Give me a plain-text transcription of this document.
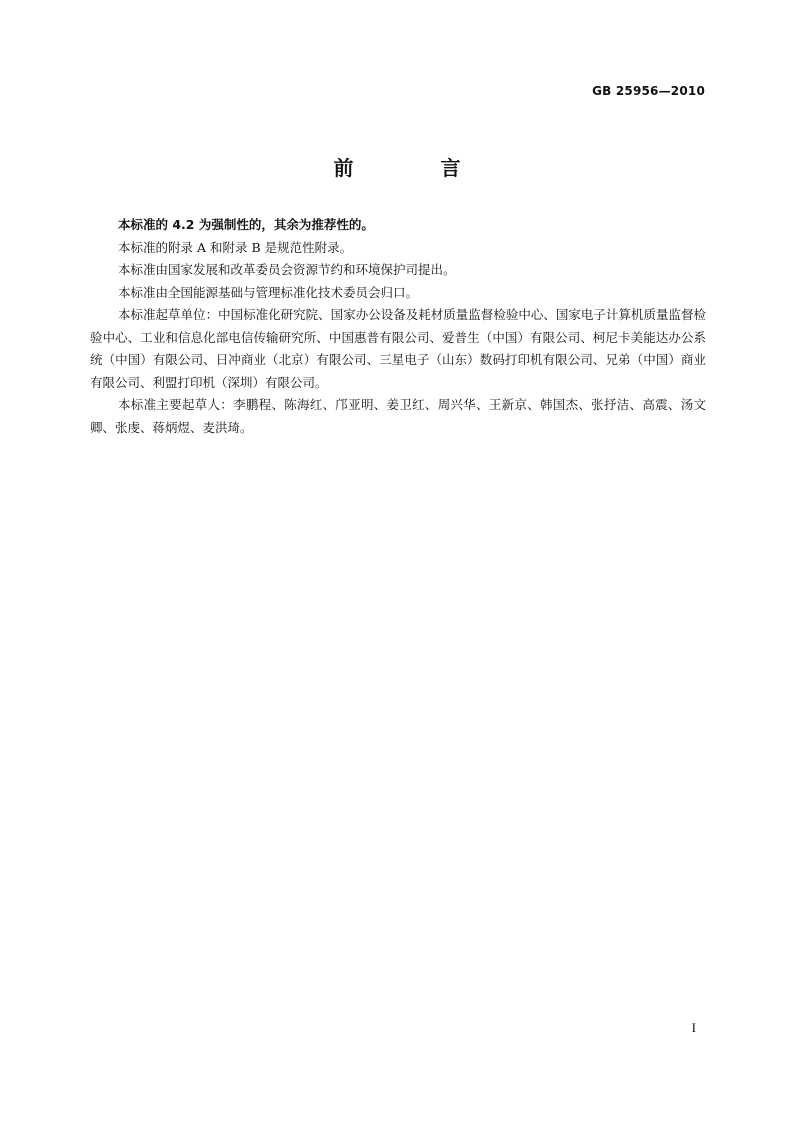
GB 25956—2010
前 言

本标准的 4.2 为强制性的，其余为推荐性的。

本标准的附录 A 和附录 B 是规范性附录。

本标准由国家发展和改革委员会资源节约和环境保护司提出。

本标准由全国能源基础与管理标准化技术委员会归口。

本标准起草单位：中国标准化研究院、国家办公设备及耗材质量监督检验中心、国家电子计算机质量监督检验中心、工业和信息化部电信传输研究所、中国惠普有限公司、爱普生（中国）有限公司、柯尼卡美能达办公系统（中国）有限公司、日冲商业（北京）有限公司、三星电子（山东）数码打印机有限公司、兄弟（中国）商业有限公司、利盟打印机（深圳）有限公司。

本标准主要起草人：李鹏程、陈海红、邝亚明、姜卫红、周兴华、王新京、韩国杰、张抒洁、高震、汤文卿、张虔、蒋炳煜、麦洪琦。

I
